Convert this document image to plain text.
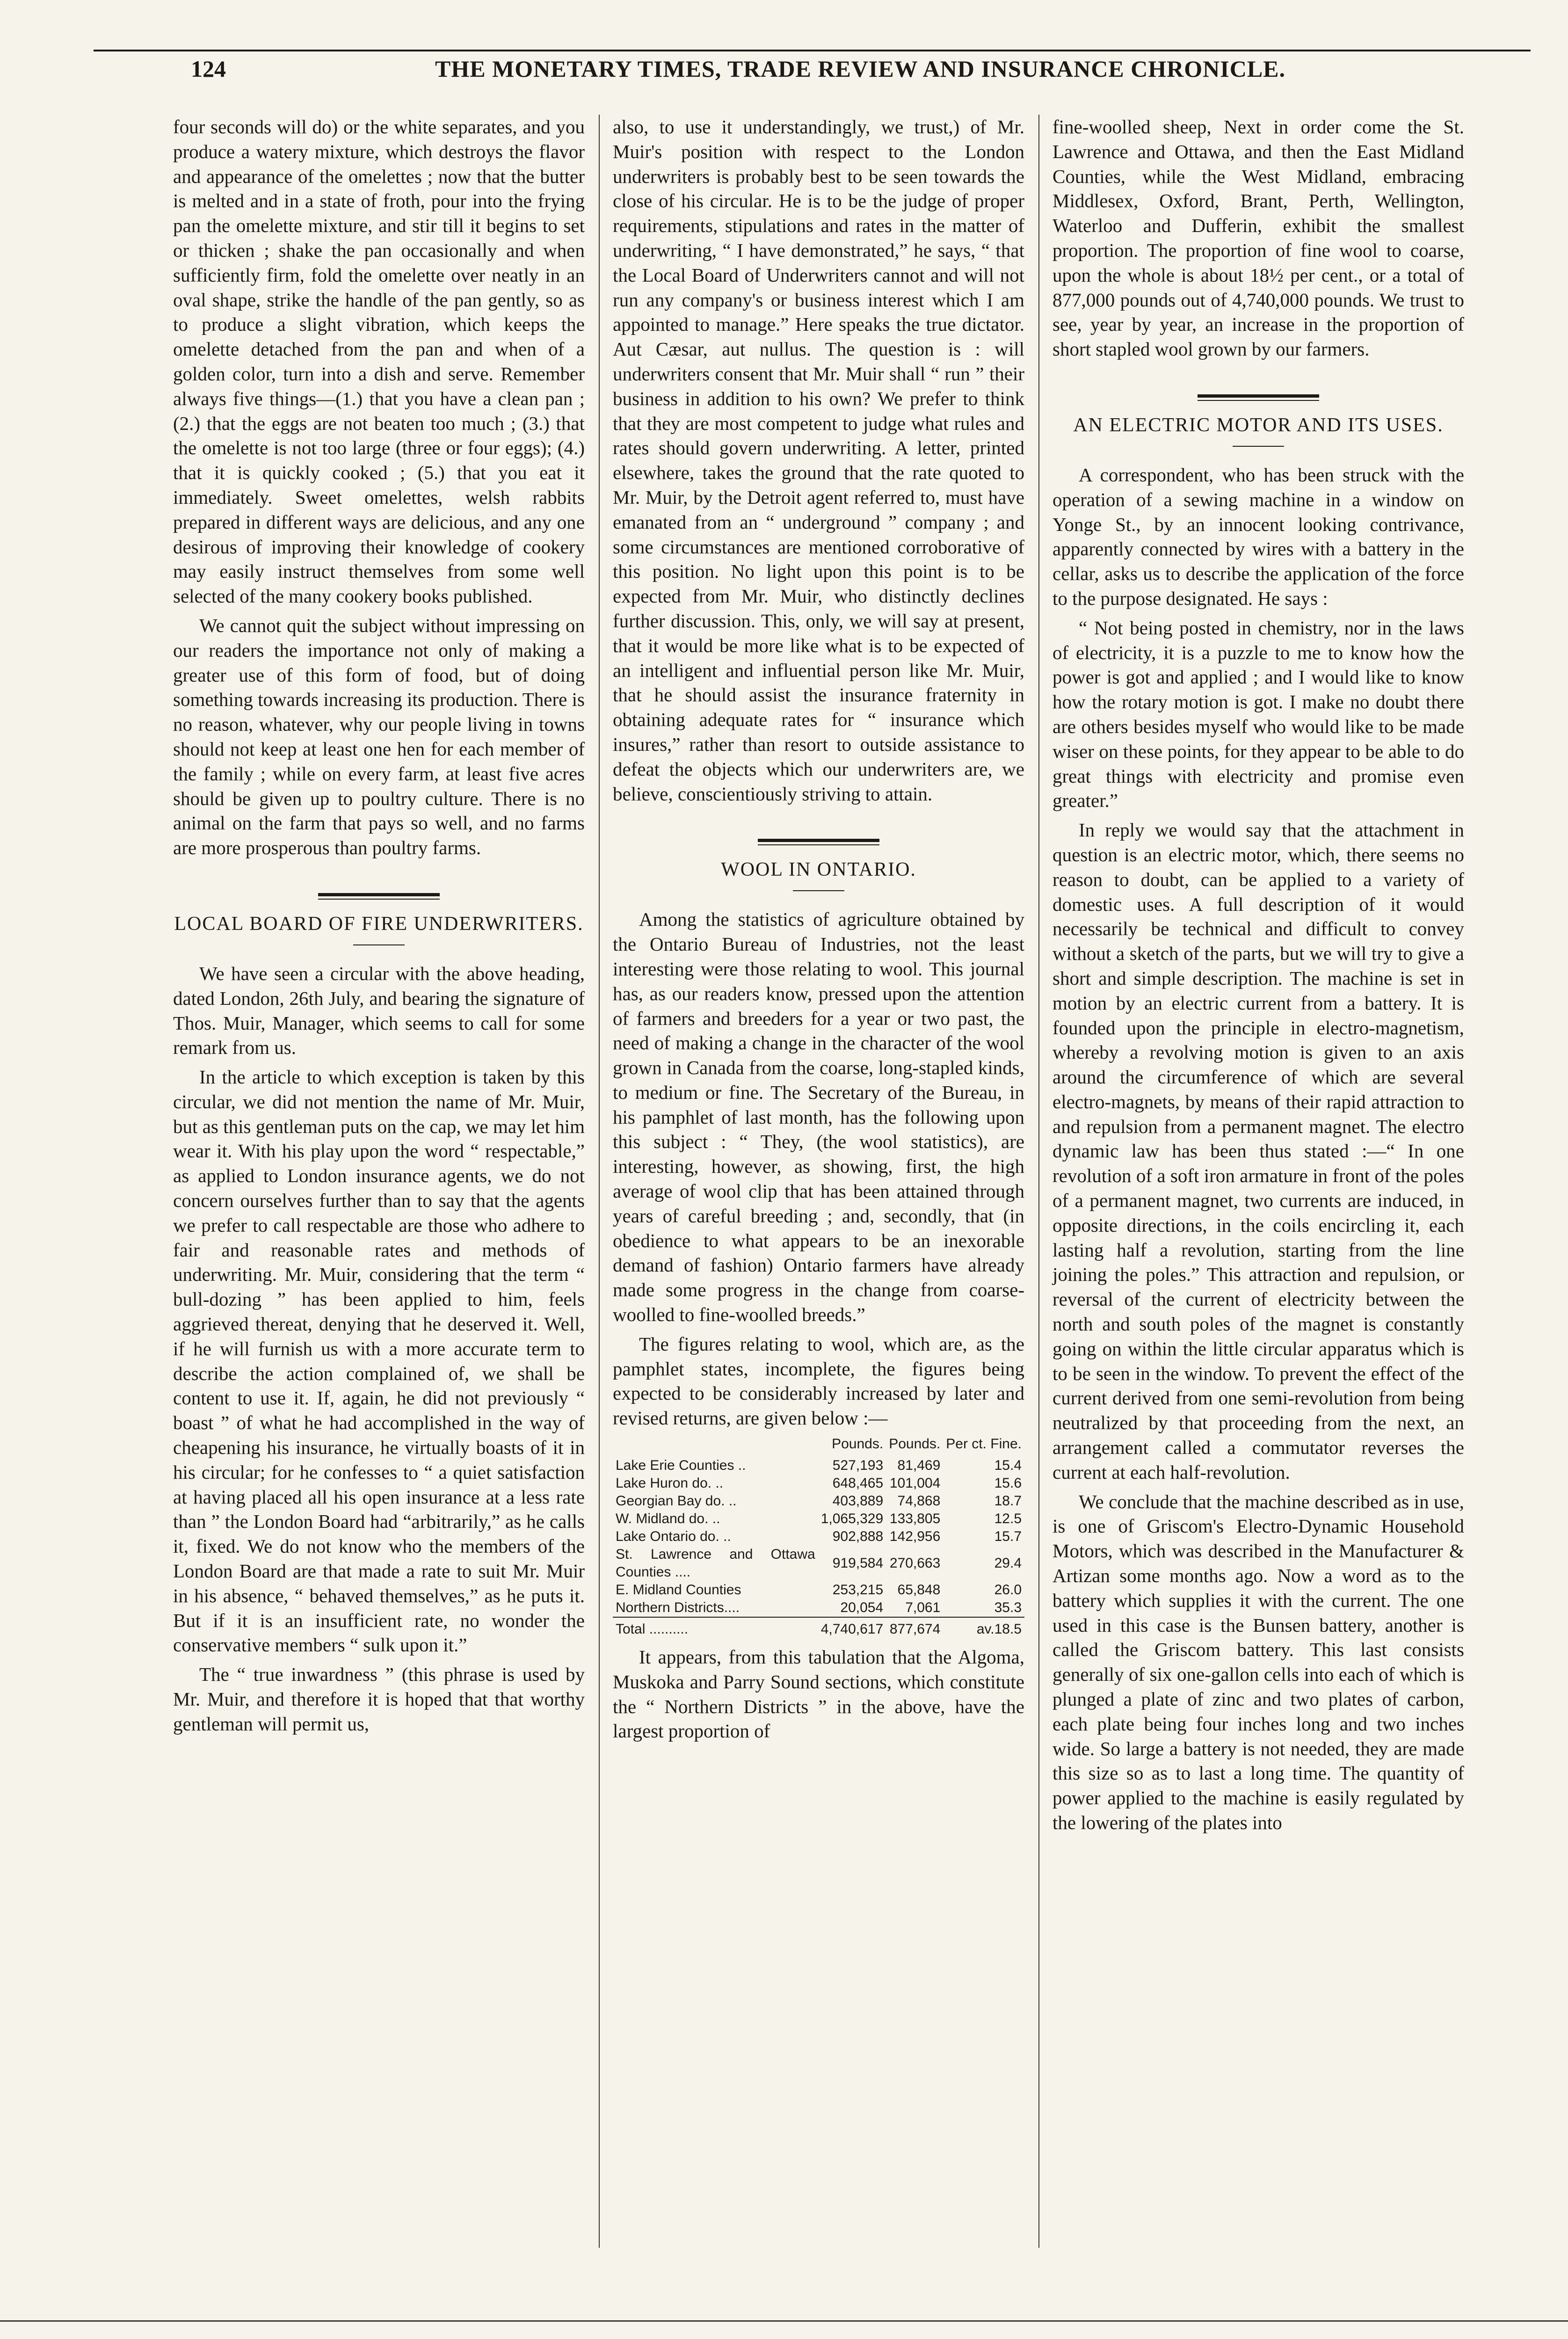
124	THE MONETARY TIMES, TRADE REVIEW AND INSURANCE CHRONICLE.

four seconds will do) or the white separates, and you produce a watery mixture, which destroys the flavor and appearance of the omelettes ; now that the butter is melted and in a state of froth, pour into the frying pan the omelette mixture, and stir till it begins to set or thicken ; shake the pan occasionally and when sufficiently firm, fold the omelette over neatly in an oval shape, strike the handle of the pan gently, so as to produce a slight vibration, which keeps the omelette detached from the pan and when of a golden color, turn into a dish and serve. Remember always five things—(1.) that you have a clean pan ; (2.) that the eggs are not beaten too much ; (3.) that the omelette is not too large (three or four eggs); (4.) that it is quickly cooked ; (5.) that you eat it immediately. Sweet omelettes, welsh rabbits prepared in different ways are delicious, and any one desirous of improving their knowledge of cookery may easily instruct themselves from some well selected of the many cookery books published.

We cannot quit the subject without impressing on our readers the importance not only of making a greater use of this form of food, but of doing something towards increasing its production. There is no reason, whatever, why our people living in towns should not keep at least one hen for each member of the family ; while on every farm, at least five acres should be given up to poultry culture. There is no animal on the farm that pays so well, and no farms are more prosperous than poultry farms.

LOCAL BOARD OF FIRE UNDERWRITERS.

We have seen a circular with the above heading, dated London, 26th July, and bearing the signature of Thos. Muir, Manager, which seems to call for some remark from us.

In the article to which exception is taken by this circular, we did not mention the name of Mr. Muir, but as this gentleman puts on the cap, we may let him wear it. With his play upon the word “ respectable,” as applied to London insurance agents, we do not concern ourselves further than to say that the agents we prefer to call respectable are those who adhere to fair and reasonable rates and methods of underwriting. Mr. Muir, considering that the term “ bull-dozing ” has been applied to him, feels aggrieved thereat, denying that he deserved it. Well, if he will furnish us with a more accurate term to describe the action complained of, we shall be content to use it. If, again, he did not previously “ boast ” of what he had accomplished in the way of cheapening his insurance, he virtually boasts of it in his circular; for he confesses to “ a quiet satisfaction at having placed all his open insurance at a less rate than ” the London Board had “arbitrarily,” as he calls it, fixed. We do not know who the members of the London Board are that made a rate to suit Mr. Muir in his absence, “ behaved themselves,” as he puts it. But if it is an insufficient rate, no wonder the conservative members “ sulk upon it.”

The “ true inwardness ” (this phrase is used by Mr. Muir, and therefore it is hoped that that worthy gentleman will permit us,

also, to use it understandingly, we trust,) of Mr. Muir's position with respect to the London underwriters is probably best to be seen towards the close of his circular. He is to be the judge of proper requirements, stipulations and rates in the matter of underwriting, “ I have demonstrated,” he says, “ that the Local Board of Underwriters cannot and will not run any company's or business interest which I am appointed to manage.” Here speaks the true dictator. Aut Cæsar, aut nullus. The question is : will underwriters consent that Mr. Muir shall “ run ” their business in addition to his own? We prefer to think that they are most competent to judge what rules and rates should govern underwriting. A letter, printed elsewhere, takes the ground that the rate quoted to Mr. Muir, by the Detroit agent referred to, must have emanated from an “ underground ” company ; and some circumstances are mentioned corroborative of this position. No light upon this point is to be expected from Mr. Muir, who distinctly declines further discussion. This, only, we will say at present, that it would be more like what is to be expected of an intelligent and influential person like Mr. Muir, that he should assist the insurance fraternity in obtaining adequate rates for “ insurance which insures,” rather than resort to outside assistance to defeat the objects which our underwriters are, we believe, conscientiously striving to attain.

WOOL IN ONTARIO.

Among the statistics of agriculture obtained by the Ontario Bureau of Industries, not the least interesting were those relating to wool. This journal has, as our readers know, pressed upon the attention of farmers and breeders for a year or two past, the need of making a change in the character of the wool grown in Canada from the coarse, long-stapled kinds, to medium or fine. The Secretary of the Bureau, in his pamphlet of last month, has the following upon this subject : “ They, (the wool statistics), are interesting, however, as showing, first, the high average of wool clip that has been attained through years of careful breeding ; and, secondly, that (in obedience to what appears to be an inexorable demand of fashion) Ontario farmers have already made some progress in the change from coarse-woolled to fine-woolled breeds.”

The figures relating to wool, which are, as the pamphlet states, incomplete, the figures being expected to be considerably increased by later and revised returns, are given below :—

	Pounds.	Pounds.	Per ct. Fine.
Lake Erie Counties ..	527,193	81,469	15.4
Lake Huron do. ..	648,465	101,004	15.6
Georgian Bay do. ..	403,889	74,868	18.7
W. Midland do. ..	1,065,329	133,805	12.5
Lake Ontario do. ..	902,888	142,956	15.7
St. Lawrence and Ottawa Counties ....	919,584	270,663	29.4
E. Midland Counties	253,215	65,848	26.0
Northern Districts....	20,054	7,061	35.3
Total ..........	4,740,617	877,674	av.18.5

It appears, from this tabulation that the Algoma, Muskoka and Parry Sound sections, which constitute the “ Northern Districts ” in the above, have the largest proportion of

fine-woolled sheep, Next in order come the St. Lawrence and Ottawa, and then the East Midland Counties, while the West Midland, embracing Middlesex, Oxford, Brant, Perth, Wellington, Waterloo and Dufferin, exhibit the smallest proportion. The proportion of fine wool to coarse, upon the whole is about 18½ per cent., or a total of 877,000 pounds out of 4,740,000 pounds. We trust to see, year by year, an increase in the proportion of short stapled wool grown by our farmers.

AN ELECTRIC MOTOR AND ITS USES.

A correspondent, who has been struck with the operation of a sewing machine in a window on Yonge St., by an innocent looking contrivance, apparently connected by wires with a battery in the cellar, asks us to describe the application of the force to the purpose designated. He says :

“ Not being posted in chemistry, nor in the laws of electricity, it is a puzzle to me to know how the power is got and applied ; and I would like to know how the rotary motion is got. I make no doubt there are others besides myself who would like to be made wiser on these points, for they appear to be able to do great things with electricity and promise even greater.”

In reply we would say that the attachment in question is an electric motor, which, there seems no reason to doubt, can be applied to a variety of domestic uses. A full description of it would necessarily be technical and difficult to convey without a sketch of the parts, but we will try to give a short and simple description. The machine is set in motion by an electric current from a battery. It is founded upon the principle in electro-magnetism, whereby a revolving motion is given to an axis around the circumference of which are several electro-magnets, by means of their rapid attraction to and repulsion from a permanent magnet. The electro dynamic law has been thus stated :—“ In one revolution of a soft iron armature in front of the poles of a permanent magnet, two currents are induced, in opposite directions, in the coils encircling it, each lasting half a revolution, starting from the line joining the poles.” This attraction and repulsion, or reversal of the current of electricity between the north and south poles of the magnet is constantly going on within the little circular apparatus which is to be seen in the window. To prevent the effect of the current derived from one semi-revolution from being neutralized by that proceeding from the next, an arrangement called a commutator reverses the current at each half-revolution.

We conclude that the machine described as in use, is one of Griscom's Electro-Dynamic Household Motors, which was described in the Manufacturer & Artizan some months ago. Now a word as to the battery which supplies it with the current. The one used in this case is the Bunsen battery, another is called the Griscom battery. This last consists generally of six one-gallon cells into each of which is plunged a plate of zinc and two plates of carbon, each plate being four inches long and two inches wide. So large a battery is not needed, they are made this size so as to last a long time. The quantity of power applied to the machine is easily regulated by the lowering of the plates into
